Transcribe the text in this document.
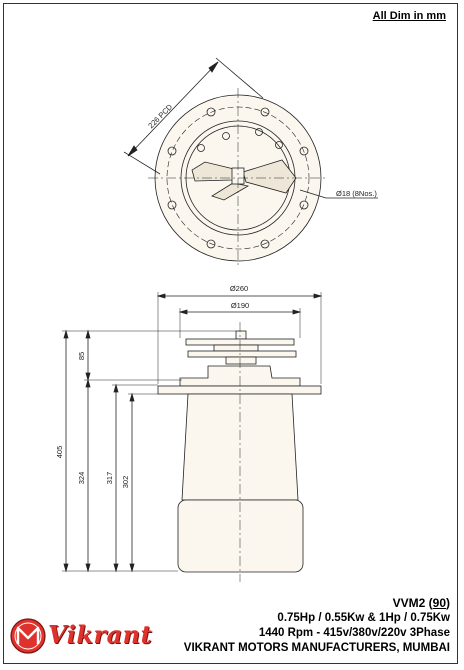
All Dim in mm
226 PCD
Ø18 (8Nos.)
Ø260
Ø190
85
405
324	317 302
Vikrant
VVM2 (90)
0.75Hp / 0.55Kw & 1Hp / 0.75Kw
1440 Rpm - 415v/380v/220v 3Phase
VIKRANT MOTORS MANUFACTURERS, MUMBAI
